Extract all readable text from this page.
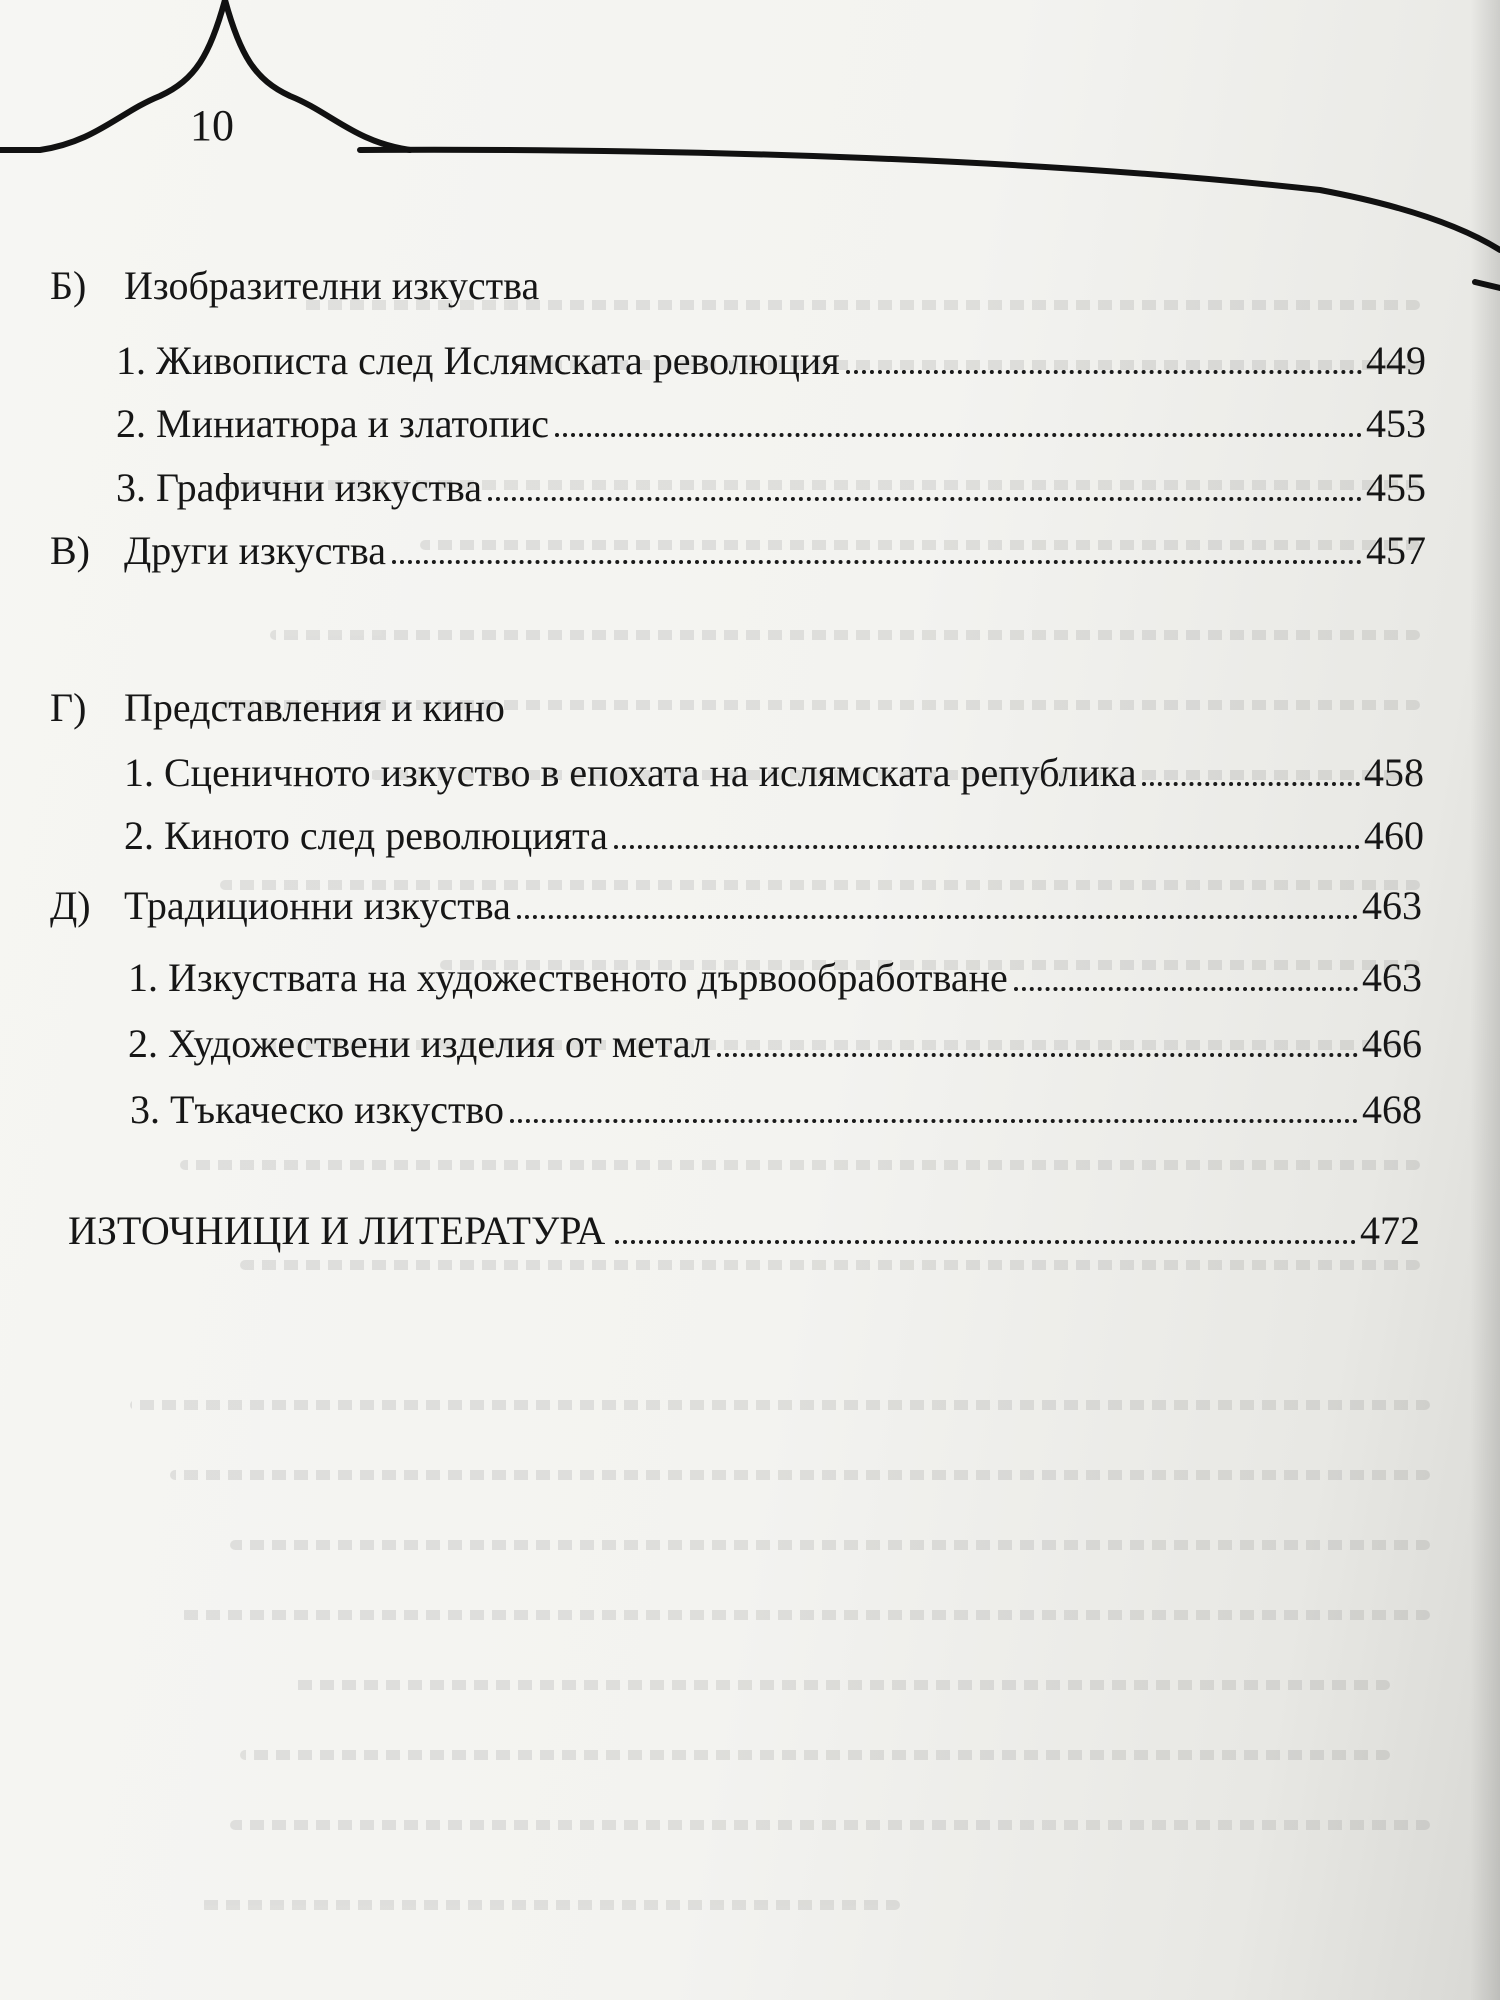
10
Б) Изобразителни изкуства
1. Живописта след Ислямската революция	449
2. Миниатюра и златопис	453
3. Графични изкуства	455
В) Други изкуства	457
Г) Представления и кино
1. Сценичното изкуство в епохата на ислямската република	458
2. Киното след революцията	460
Д) Традиционни изкуства	463
1. Изкуствата на художественото дървообработване	463
2. Художествени изделия от метал	466
3. Тъкаческо изкуство	468
ИЗТОЧНИЦИ И ЛИТЕРАТУРА	472
